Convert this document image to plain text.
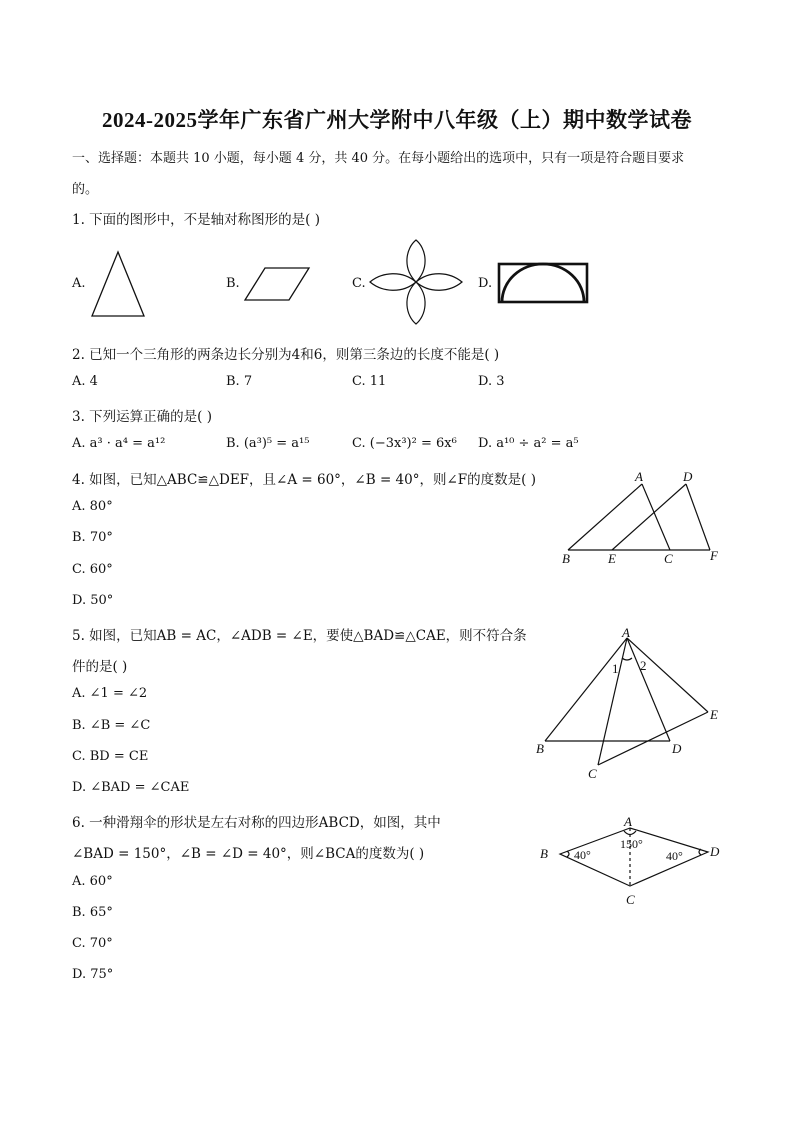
2024-2025学年广东省广州大学附中八年级（上）期中数学试卷
一、选择题：本题共 10 小题，每小题 4 分，共 40 分。在每小题给出的选项中，只有一项是符合题目要求
的。
1. 下面的图形中，不是轴对称图形的是( )
A.	B.	C.	D.
2. 已知一个三角形的两条边长分别为4和6，则第三条边的长度不能是( )
A. 4	B. 7	C. 11	D. 3
3. 下列运算正确的是( )
A. a³ · a⁴ = a¹²	B. (a³)⁵ = a¹⁵	C. (−3x³)² = 6x⁶ D. a¹⁰ ÷ a² = a⁵
4. 如图，已知△ABC≌△DEF，且∠A = 60°，∠B = 40°，则∠F的度数是( )
A. 80°
B. 70°
C. 60°
D. 50°
A	D
B	E	C	F
5. 如图，已知AB = AC，∠ADB = ∠E，要使△BAD≌△CAE，则不符合条
件的是( )
A. ∠1 = ∠2
B. ∠B = ∠C
C. BD = CE
D. ∠BAD = ∠CAE
A
1 2
E
B	D
C
6. 一种滑翔伞的形状是左右对称的四边形ABCD，如图，其中
∠BAD = 150°，∠B = ∠D = 40°，则∠BCA的度数为( )
A. 60°
B. 65°
C. 70°
D. 75°
A
B	D
C
40°
150°
40°
